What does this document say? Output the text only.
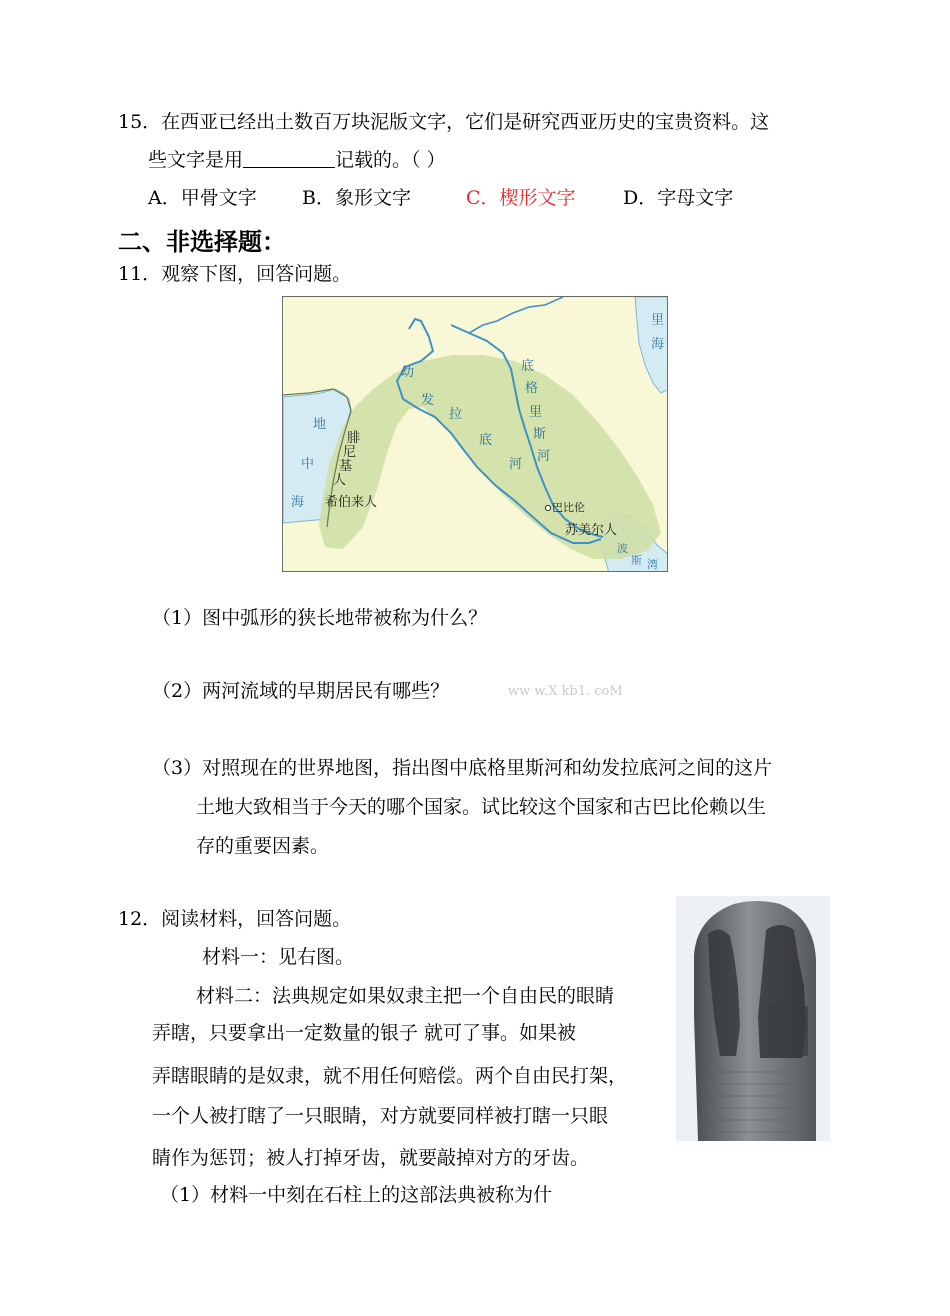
15．在西亚已经出土数百万块泥版文字，它们是研究西亚历史的宝贵资料。这
些文字是用	记载的。（ ）
A．甲骨文字 B．象形文字	C．楔形文字 D．字母文字
二、非选择题：
11．观察下图，回答问题。
里
海
幼
发
拉
底
河
底
格
里
斯
河
地
中
海
腓
尼
基
人
希伯来人	巴比伦
苏美尔人
波
斯 湾
（1）图中弧形的狭长地带被称为什么？
（2）两河流域的早期居民有哪些？	ww w.X kb1. coM
（3）对照现在的世界地图，指出图中底格里斯河和幼发拉底河之间的这片
土地大致相当于今天的哪个国家。试比较这个国家和古巴比伦赖以生
存的重要因素。
12．阅读材料，回答问题。
材料一：见右图。
材料二：法典规定如果奴隶主把一个自由民的眼睛
弄瞎，只要拿出一定数量的银子 就可了事。如果被
弄瞎眼睛的是奴隶，就不用任何赔偿。两个自由民打架，
一个人被打瞎了一只眼睛，对方就要同样被打瞎一只眼
睛作为惩罚；被人打掉牙齿，就要敲掉对方的牙齿。
（1）材料一中刻在石柱上的这部法典被称为什
